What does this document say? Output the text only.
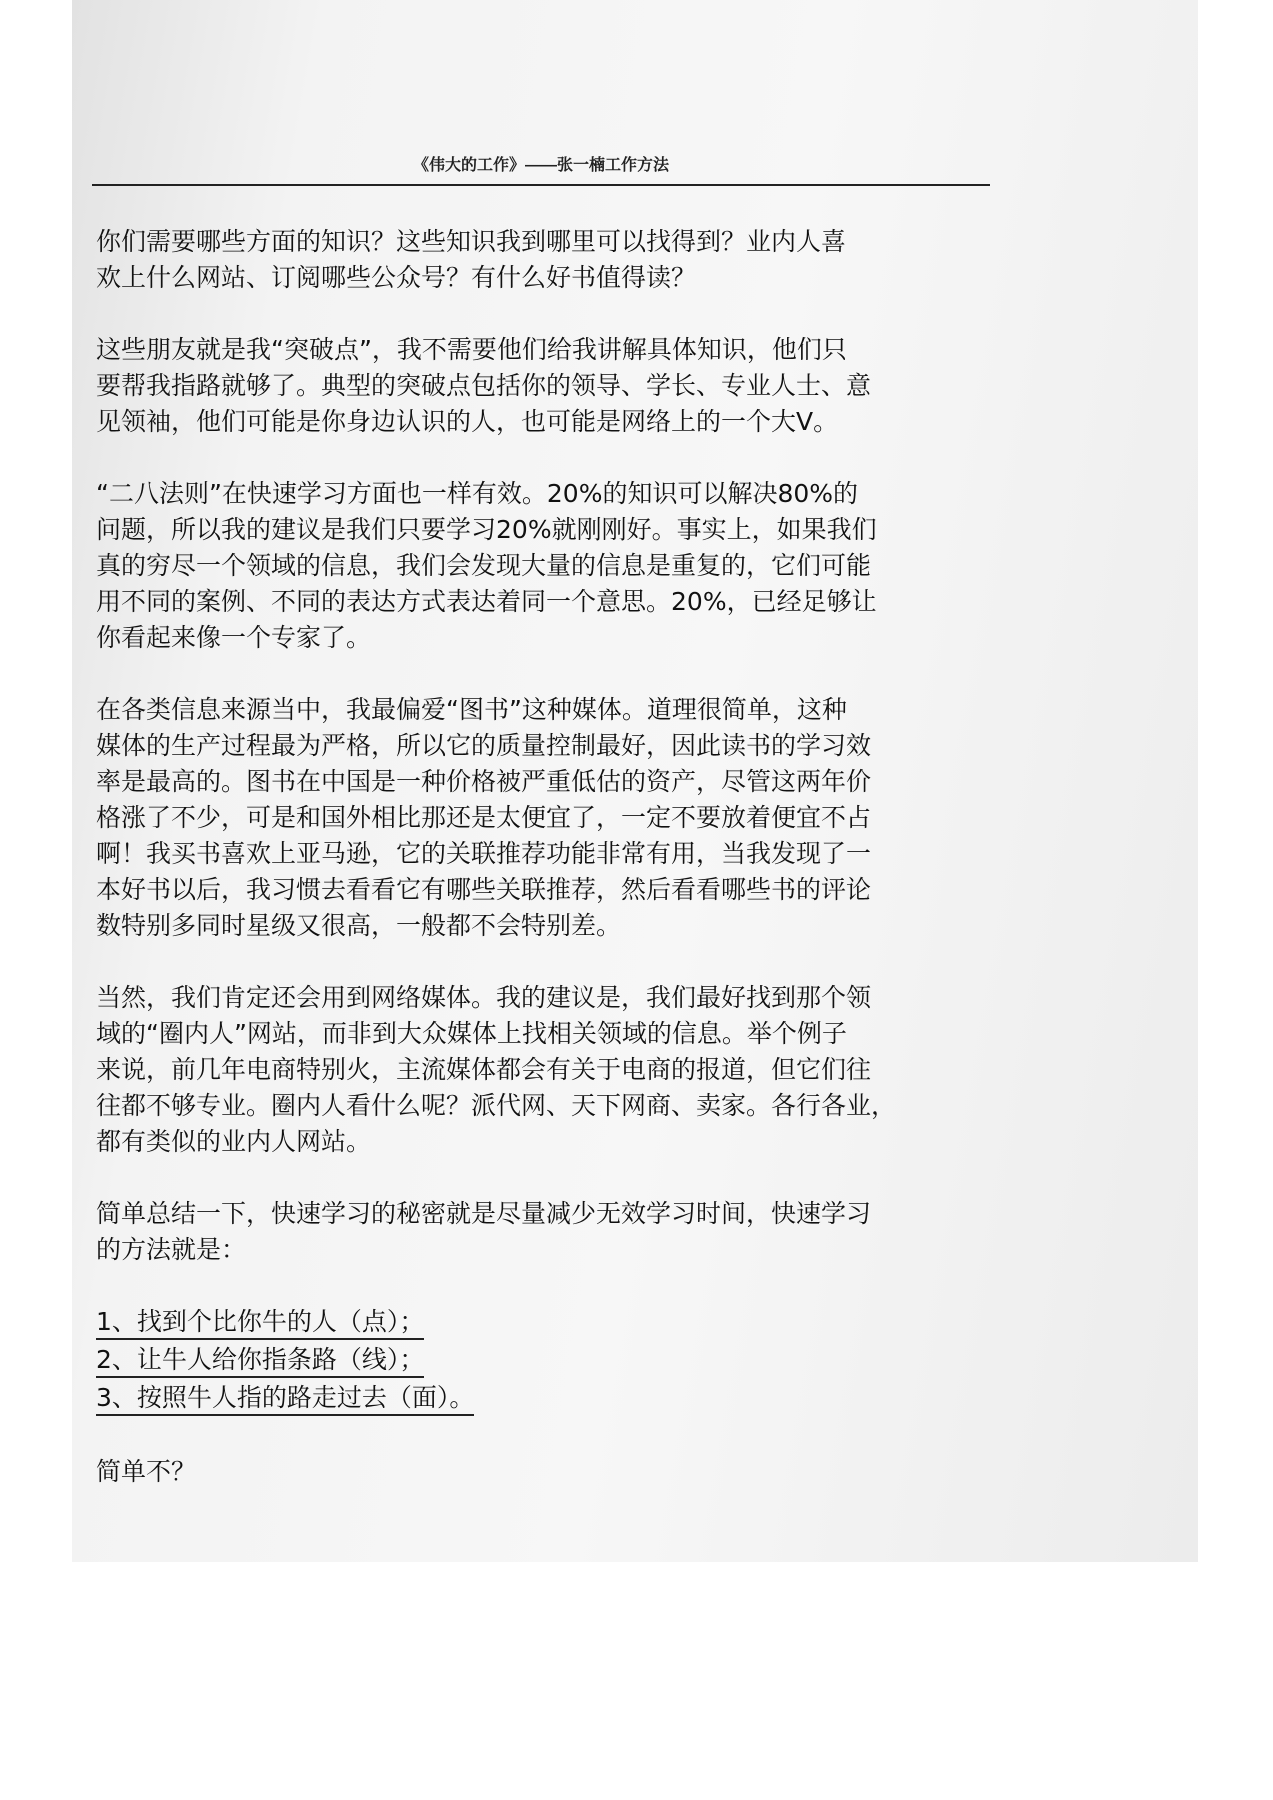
《伟大的工作》——张一楠工作方法
你们需要哪些方面的知识？这些知识我到哪里可以找得到？业内人喜
欢上什么网站、订阅哪些公众号？有什么好书值得读？
这些朋友就是我“突破点”，我不需要他们给我讲解具体知识，他们只
要帮我指路就够了。典型的突破点包括你的领导、学长、专业人士、意
见领袖，他们可能是你身边认识的人，也可能是网络上的一个大V。
“二八法则”在快速学习方面也一样有效。20%的知识可以解决80%的
问题，所以我的建议是我们只要学习20%就刚刚好。事实上，如果我们
真的穷尽一个领域的信息，我们会发现大量的信息是重复的，它们可能
用不同的案例、不同的表达方式表达着同一个意思。20%，已经足够让
你看起来像一个专家了。
在各类信息来源当中，我最偏爱“图书”这种媒体。道理很简单，这种
媒体的生产过程最为严格，所以它的质量控制最好，因此读书的学习效
率是最高的。图书在中国是一种价格被严重低估的资产，尽管这两年价
格涨了不少，可是和国外相比那还是太便宜了，一定不要放着便宜不占
啊！我买书喜欢上亚马逊，它的关联推荐功能非常有用，当我发现了一
本好书以后，我习惯去看看它有哪些关联推荐，然后看看哪些书的评论
数特别多同时星级又很高，一般都不会特别差。
当然，我们肯定还会用到网络媒体。我的建议是，我们最好找到那个领
域的“圈内人”网站，而非到大众媒体上找相关领域的信息。举个例子
来说，前几年电商特别火，主流媒体都会有关于电商的报道，但它们往
往都不够专业。圈内人看什么呢？派代网、天下网商、卖家。各行各业，
都有类似的业内人网站。
简单总结一下，快速学习的秘密就是尽量减少无效学习时间，快速学习
的方法就是：
1、找到个比你牛的人（点）；
2、让牛人给你指条路（线）；
3、按照牛人指的路走过去（面）。
简单不？
